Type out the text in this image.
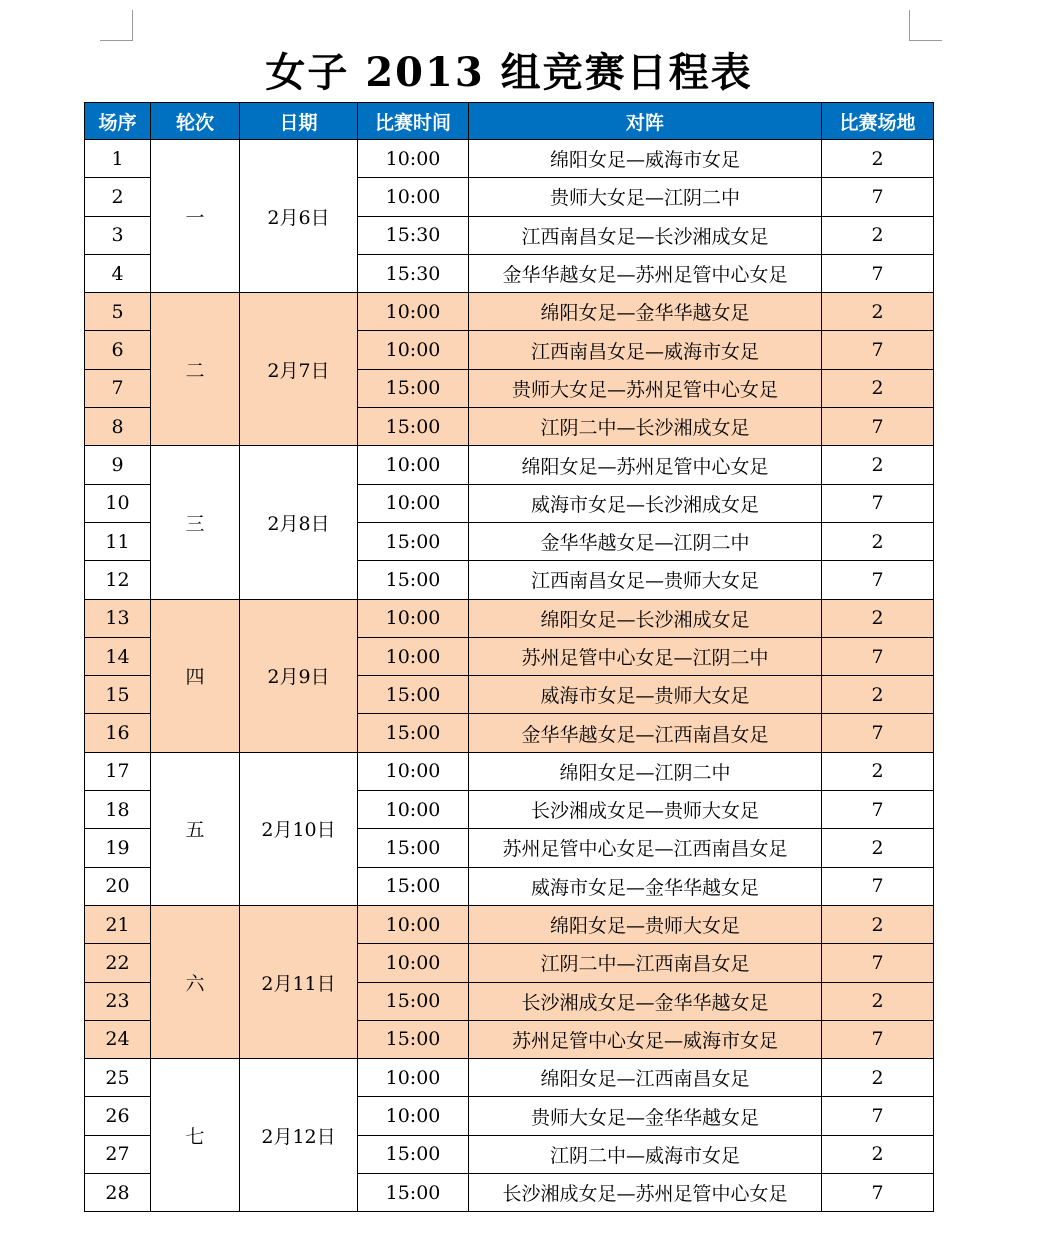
女子 2013 组竞赛日程表
场序	轮次	日期	比赛时间	对阵	比赛场地
1	一	2月6日	10:00	绵阳女足—威海市女足	2
2			10:00	贵师大女足—江阴二中	7
3			15:30	江西南昌女足—长沙湘成女足	2
4			15:30	金华华越女足—苏州足管中心女足	7
5	二	2月7日	10:00	绵阳女足—金华华越女足	2
6			10:00	江西南昌女足—威海市女足	7
7			15:00	贵师大女足—苏州足管中心女足	2
8			15:00	江阴二中—长沙湘成女足	7
9	三	2月8日	10:00	绵阳女足—苏州足管中心女足	2
10			10:00	威海市女足—长沙湘成女足	7
11			15:00	金华华越女足—江阴二中	2
12			15:00	江西南昌女足—贵师大女足	7
13	四	2月9日	10:00	绵阳女足—长沙湘成女足	2
14			10:00	苏州足管中心女足—江阴二中	7
15			15:00	威海市女足—贵师大女足	2
16			15:00	金华华越女足—江西南昌女足	7
17	五	2月10日	10:00	绵阳女足—江阴二中	2
18			10:00	长沙湘成女足—贵师大女足	7
19			15:00	苏州足管中心女足—江西南昌女足	2
20			15:00	威海市女足—金华华越女足	7
21	六	2月11日	10:00	绵阳女足—贵师大女足	2
22			10:00	江阴二中—江西南昌女足	7
23			15:00	长沙湘成女足—金华华越女足	2
24			15:00	苏州足管中心女足—威海市女足	7
25	七	2月12日	10:00	绵阳女足—江西南昌女足	2
26			10:00	贵师大女足—金华华越女足	7
27			15:00	江阴二中—威海市女足	2
28			15:00	长沙湘成女足—苏州足管中心女足	7
